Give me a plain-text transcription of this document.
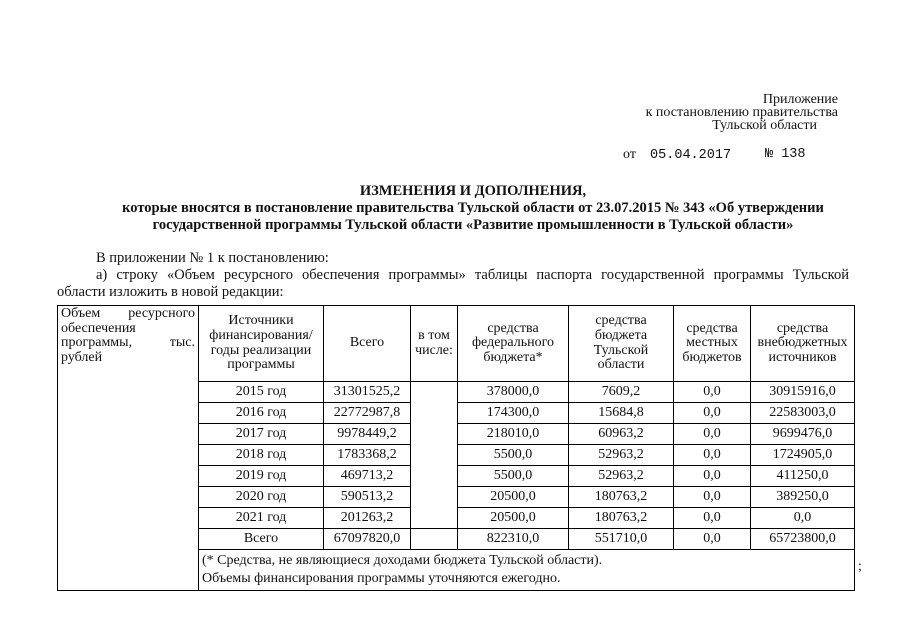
Приложение
к постановлению правительства
Тульской области
от 05.04.2017	№ 138
ИЗМЕНЕНИЯ И ДОПОЛНЕНИЯ,
которые вносятся в постановление правительства Тульской области от 23.07.2015 № 343 «Об утверждении
государственной программы Тульской области «Развитие промышленности в Тульской области»
В приложении № 1 к постановлению:
а) строку «Объем ресурсного обеспечения программы» таблицы паспорта государственной программы Тульской
области изложить в новой редакции:
Объем ресурсного обеспечения программы, тыс. рублей	Источники финансирования/ годы реализации программы	Всего	в том числе:	средства федерального бюджета*	средства бюджета Тульской области	средства местных бюджетов	средства внебюджетных источников
	2015 год	31301525,2		378000,0	7609,2	0,0	30915916,0
	2016 год	22772987,8		174300,0	15684,8	0,0	22583003,0
	2017 год	9978449,2		218010,0	60963,2	0,0	9699476,0
	2018 год	1783368,2		5500,0	52963,2	0,0	1724905,0
	2019 год	469713,2		5500,0	52963,2	0,0	411250,0
	2020 год	590513,2		20500,0	180763,2	0,0	389250,0
	2021 год	201263,2		20500,0	180763,2	0,0	0,0
	Всего	67097820,0		822310,0	551710,0	0,0	65723800,0

	(* Средства, не являющиеся доходами бюджета Тульской области).
Объемы финансирования программы уточняются ежегодно.						
;
